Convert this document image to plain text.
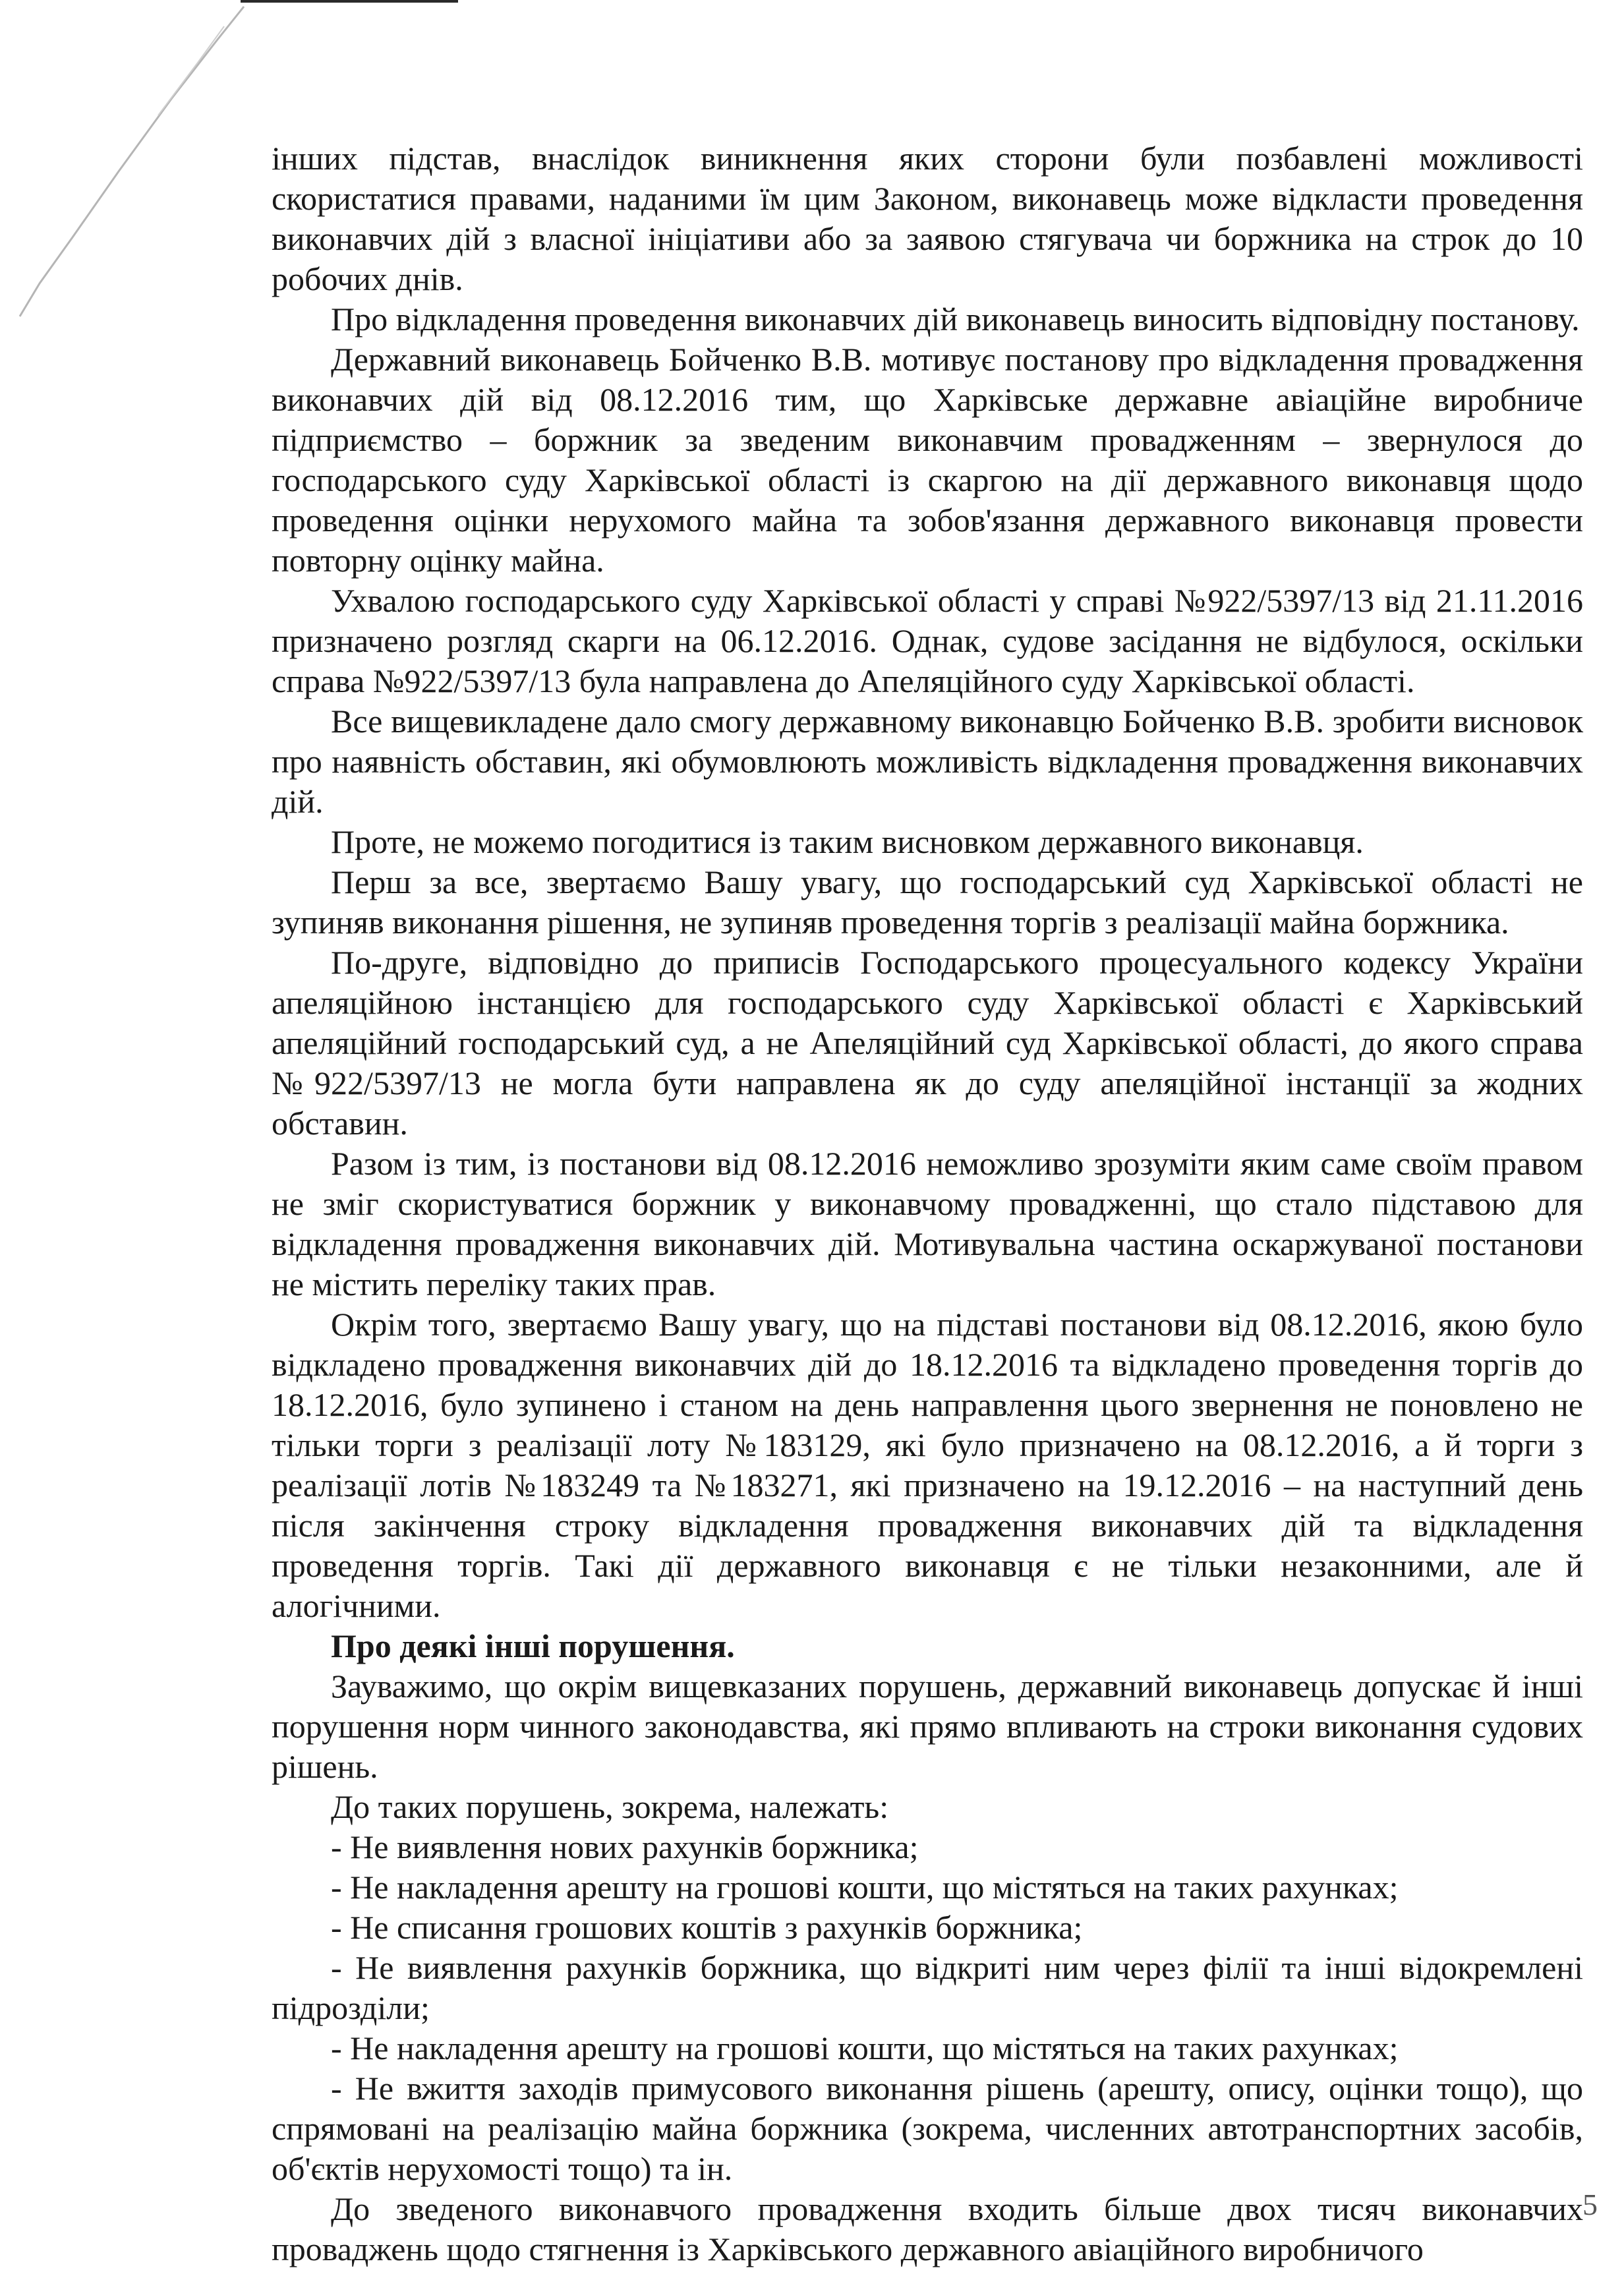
інших підстав, внаслідок виникнення яких сторони були позбавлені можливості скористатися правами, наданими їм цим Законом, виконавець може відкласти проведення виконавчих дій з власної ініціативи або за заявою стягувача чи боржника на строк до 10 робочих днів.

Про відкладення проведення виконавчих дій виконавець виносить відповідну постанову.

Державний виконавець Бойченко В.В. мотивує постанову про відкладення провадження виконавчих дій від 08.12.2016 тим, що Харківське державне авіаційне виробниче підприємство – боржник за зведеним виконавчим провадженням – звернулося до господарського суду Харківської області із скаргою на дії державного виконавця щодо проведення оцінки нерухомого майна та зобов'язання державного виконавця провести повторну оцінку майна.

Ухвалою господарського суду Харківської області у справі №922/5397/13 від 21.11.2016 призначено розгляд скарги на 06.12.2016. Однак, судове засідання не відбулося, оскільки справа №922/5397/13 була направлена до Апеляційного суду Харківської області.

Все вищевикладене дало смогу державному виконавцю Бойченко В.В. зробити висновок про наявність обставин, які обумовлюють можливість відкладення провадження виконавчих дій.

Проте, не можемо погодитися із таким висновком державного виконавця.

Перш за все, звертаємо Вашу увагу, що господарський суд Харківської області не зупиняв виконання рішення, не зупиняв проведення торгів з реалізації майна боржника.

По-друге, відповідно до приписів Господарського процесуального кодексу України апеляційною інстанцією для господарського суду Харківської області є Харківський апеляційний господарський суд, а не Апеляційний суд Харківської області, до якого справа №922/5397/13 не могла бути направлена як до суду апеляційної інстанції за жодних обставин.

Разом із тим, із постанови від 08.12.2016 неможливо зрозуміти яким саме своїм правом не зміг скористуватися боржник у виконавчому провадженні, що стало підставою для відкладення провадження виконавчих дій. Мотивувальна частина оскаржуваної постанови не містить переліку таких прав.

Окрім того, звертаємо Вашу увагу, що на підставі постанови від 08.12.2016, якою було відкладено провадження виконавчих дій до 18.12.2016 та відкладено проведення торгів до 18.12.2016, було зупинено і станом на день направлення цього звернення не поновлено не тільки торги з реалізації лоту №183129, які було призначено на 08.12.2016, а й торги з реалізації лотів №183249 та №183271, які призначено на 19.12.2016 – на наступний день після закінчення строку відкладення провадження виконавчих дій та відкладення проведення торгів. Такі дії державного виконавця є не тільки незаконними, але й алогічними.

Про деякі інші порушення.

Зауважимо, що окрім вищевказаних порушень, державний виконавець допускає й інші порушення норм чинного законодавства, які прямо впливають на строки виконання судових рішень.

До таких порушень, зокрема, належать:

- Не виявлення нових рахунків боржника;

- Не накладення арешту на грошові кошти, що містяться на таких рахунках;

- Не списання грошових коштів з рахунків боржника;

- Не виявлення рахунків боржника, що відкриті ним через філії та інші відокремлені підрозділи;

- Не накладення арешту на грошові кошти, що містяться на таких рахунках;

- Не вжиття заходів примусового виконання рішень (арешту, опису, оцінки тощо), що спрямовані на реалізацію майна боржника (зокрема, численних автотранспортних засобів, об'єктів нерухомості тощо) та ін.

До зведеного виконавчого провадження входить більше двох тисяч виконавчих проваджень щодо стягнення із Харківського державного авіаційного виробничого

5
